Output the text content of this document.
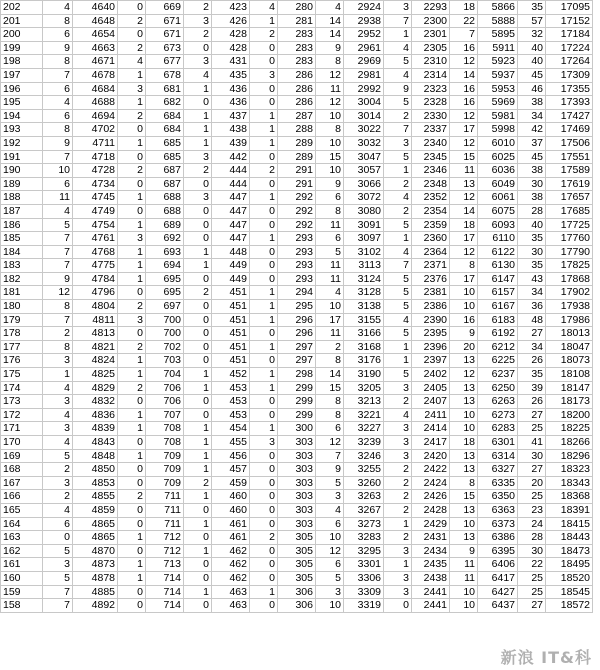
202	4	4640	0	669	2	423	4	280	4	2924	3	2293	18	5866	35	17095
201	8	4648	2	671	3	426	1	281	14	2938	7	2300	22	5888	57	17152
200	6	4654	0	671	2	428	2	283	14	2952	1	2301	7	5895	32	17184
199	9	4663	2	673	0	428	0	283	9	2961	4	2305	16	5911	40	17224
198	8	4671	4	677	3	431	0	283	8	2969	5	2310	12	5923	40	17264
197	7	4678	1	678	4	435	3	286	12	2981	4	2314	14	5937	45	17309
196	6	4684	3	681	1	436	0	286	11	2992	9	2323	16	5953	46	17355
195	4	4688	1	682	0	436	0	286	12	3004	5	2328	16	5969	38	17393
194	6	4694	2	684	1	437	1	287	10	3014	2	2330	12	5981	34	17427
193	8	4702	0	684	1	438	1	288	8	3022	7	2337	17	5998	42	17469
192	9	4711	1	685	1	439	1	289	10	3032	3	2340	12	6010	37	17506
191	7	4718	0	685	3	442	0	289	15	3047	5	2345	15	6025	45	17551
190	10	4728	2	687	2	444	2	291	10	3057	1	2346	11	6036	38	17589
189	6	4734	0	687	0	444	0	291	9	3066	2	2348	13	6049	30	17619
188	11	4745	1	688	3	447	1	292	6	3072	4	2352	12	6061	38	17657
187	4	4749	0	688	0	447	0	292	8	3080	2	2354	14	6075	28	17685
186	5	4754	1	689	0	447	0	292	11	3091	5	2359	18	6093	40	17725
185	7	4761	3	692	0	447	1	293	6	3097	1	2360	17	6110	35	17760
184	7	4768	1	693	1	448	0	293	5	3102	4	2364	12	6122	30	17790
183	7	4775	1	694	1	449	0	293	11	3113	7	2371	8	6130	35	17825
182	9	4784	1	695	0	449	0	293	11	3124	5	2376	17	6147	43	17868
181	12	4796	0	695	2	451	1	294	4	3128	5	2381	10	6157	34	17902
180	8	4804	2	697	0	451	1	295	10	3138	5	2386	10	6167	36	17938
179	7	4811	3	700	0	451	1	296	17	3155	4	2390	16	6183	48	17986
178	2	4813	0	700	0	451	0	296	11	3166	5	2395	9	6192	27	18013
177	8	4821	2	702	0	451	1	297	2	3168	1	2396	20	6212	34	18047
176	3	4824	1	703	0	451	0	297	8	3176	1	2397	13	6225	26	18073
175	1	4825	1	704	1	452	1	298	14	3190	5	2402	12	6237	35	18108
174	4	4829	2	706	1	453	1	299	15	3205	3	2405	13	6250	39	18147
173	3	4832	0	706	0	453	0	299	8	3213	2	2407	13	6263	26	18173
172	4	4836	1	707	0	453	0	299	8	3221	4	2411	10	6273	27	18200
171	3	4839	1	708	1	454	1	300	6	3227	3	2414	10	6283	25	18225
170	4	4843	0	708	1	455	3	303	12	3239	3	2417	18	6301	41	18266
169	5	4848	1	709	1	456	0	303	7	3246	3	2420	13	6314	30	18296
168	2	4850	0	709	1	457	0	303	9	3255	2	2422	13	6327	27	18323
167	3	4853	0	709	2	459	0	303	5	3260	2	2424	8	6335	20	18343
166	2	4855	2	711	1	460	0	303	3	3263	2	2426	15	6350	25	18368
165	4	4859	0	711	0	460	0	303	4	3267	2	2428	13	6363	23	18391
164	6	4865	0	711	1	461	0	303	6	3273	1	2429	10	6373	24	18415
163	0	4865	1	712	0	461	2	305	10	3283	2	2431	13	6386	28	18443
162	5	4870	0	712	1	462	0	305	12	3295	3	2434	9	6395	30	18473
161	3	4873	1	713	0	462	0	305	6	3301	1	2435	11	6406	22	18495
160	5	4878	1	714	0	462	0	305	5	3306	3	2438	11	6417	25	18520
159	7	4885	0	714	1	463	1	306	3	3309	3	2441	10	6427	25	18545
158	7	4892	0	714	0	463	0	306	10	3319	0	2441	10	6437	27	18572
新浪 IT&科
